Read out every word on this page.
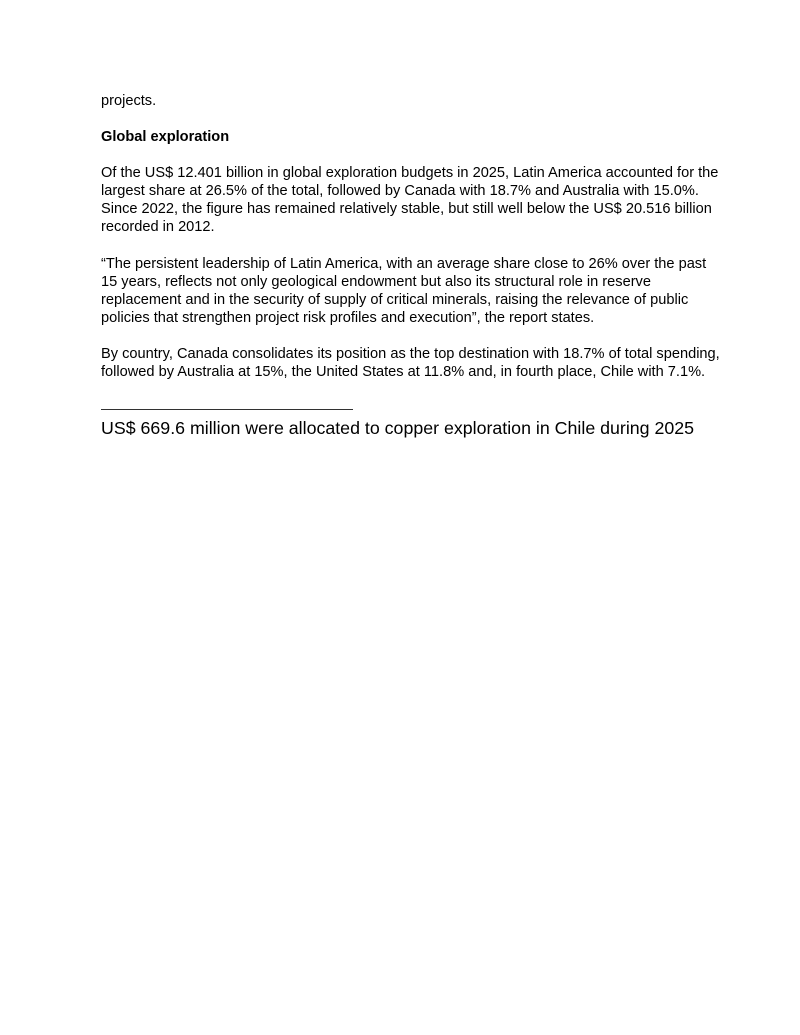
projects.

Global exploration

Of the US$ 12.401 billion in global exploration budgets in 2025, Latin America accounted for the largest share at 26.5% of the total, followed by Canada with 18.7% and Australia with 15.0%. Since 2022, the figure has remained relatively stable, but still well below the US$ 20.516 billion recorded in 2012.

“The persistent leadership of Latin America, with an average share close to 26% over the past 15 years, reflects not only geological endowment but also its structural role in reserve replacement and in the security of supply of critical minerals, raising the relevance of public policies that strengthen project risk profiles and execution”, the report states.

By country, Canada consolidates its position as the top destination with 18.7% of total spending, followed by Australia at 15%, the United States at 11.8% and, in fourth place, Chile with 7.1%.

——————————————————

US$ 669.6 million were allocated to copper exploration in Chile during 2025
